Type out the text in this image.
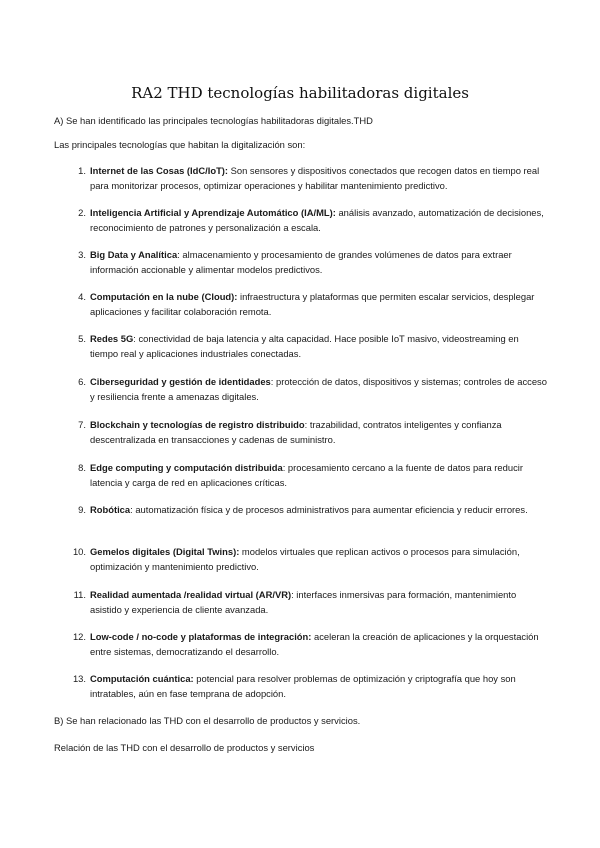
RA2 THD tecnologías habilitadoras digitales
A) Se han identificado las principales tecnologías habilitadoras digitales.THD
Las principales tecnologías que habitan la digitalización son:
1. Internet de las Cosas (IdC/IoT): Son sensores y dispositivos conectados que recogen datos en tiempo real para monitorizar procesos, optimizar operaciones y habilitar mantenimiento predictivo.
2. Inteligencia Artificial y Aprendizaje Automático (IA/ML): análisis avanzado, automatización de decisiones, reconocimiento de patrones y personalización a escala.
3. Big Data y Analítica: almacenamiento y procesamiento de grandes volúmenes de datos para extraer información accionable y alimentar modelos predictivos.
4. Computación en la nube (Cloud): infraestructura y plataformas que permiten escalar servicios, desplegar aplicaciones y facilitar colaboración remota.
5. Redes 5G: conectividad de baja latencia y alta capacidad. Hace posible IoT masivo, videostreaming en tiempo real y aplicaciones industriales conectadas.
6. Ciberseguridad y gestión de identidades: protección de datos, dispositivos y sistemas; controles de acceso y resiliencia frente a amenazas digitales.
7. Blockchain y tecnologías de registro distribuido: trazabilidad, contratos inteligentes y confianza descentralizada en transacciones y cadenas de suministro.
8. Edge computing y computación distribuida: procesamiento cercano a la fuente de datos para reducir latencia y carga de red en aplicaciones críticas.
9. Robótica: automatización física y de procesos administrativos para aumentar eficiencia y reducir errores.
10. Gemelos digitales (Digital Twins): modelos virtuales que replican activos o procesos para simulación, optimización y mantenimiento predictivo.
11. Realidad aumentada /realidad virtual (AR/VR): interfaces inmersivas para formación, mantenimiento asistido y experiencia de cliente avanzada.
12. Low-code / no-code y plataformas de integración: aceleran la creación de aplicaciones y la orquestación entre sistemas, democratizando el desarrollo.
13. Computación cuántica: potencial para resolver problemas de optimización y criptografía que hoy son intratables, aún en fase temprana de adopción.
B) Se han relacionado las THD con el desarrollo de productos y servicios.
Relación de las THD con el desarrollo de productos y servicios
